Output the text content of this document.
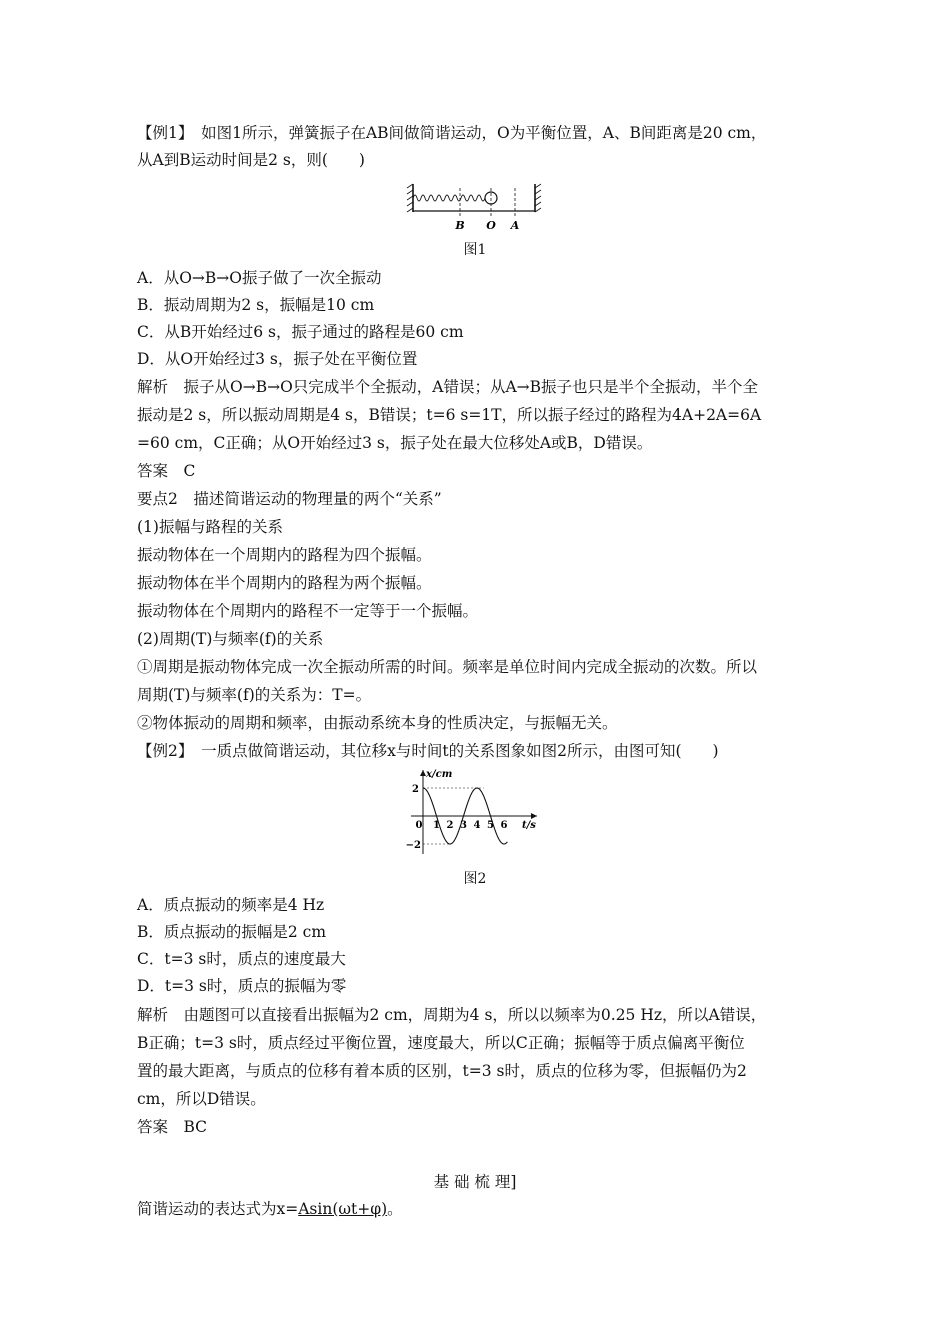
【例1】　如图1所示，弹簧振子在AB间做简谐运动，O为平衡位置，A、B间距离是20 cm，
从A到B运动时间是2 s，则(　　)
B O A
图1
A．从O→B→O振子做了一次全振动
B．振动周期为2 s，振幅是10 cm
C．从B开始经过6 s，振子通过的路程是60 cm
D．从O开始经过3 s，振子处在平衡位置
解析　振子从O→B→O只完成半个全振动，A错误；从A→B振子也只是半个全振动，半个全
振动是2 s，所以振动周期是4 s，B错误；t=6 s=1T，所以振子经过的路程为4A+2A=6A
=60 cm，C正确；从O开始经过3 s，振子处在最大位移处A或B，D错误。
答案　C
要点2　描述简谐运动的物理量的两个“关系”
(1)振幅与路程的关系
振动物体在一个周期内的路程为四个振幅。
振动物体在半个周期内的路程为两个振幅。
振动物体在个周期内的路程不一定等于一个振幅。
(2)周期(T)与频率(f)的关系
①周期是振动物体完成一次全振动所需的时间。频率是单位时间内完成全振动的次数。所以
周期(T)与频率(f)的关系为：T=。
②物体振动的周期和频率，由振动系统本身的性质决定，与振幅无关。
【例2】　一质点做简谐运动，其位移x与时间t的关系图象如图2所示，由图可知(　　)
x/cm
t/s
0 1 2 3 4 5 6
2
−2
图2
A．质点振动的频率是4 Hz
B．质点振动的振幅是2 cm
C．t=3 s时，质点的速度最大
D．t=3 s时，质点的振幅为零
解析　由题图可以直接看出振幅为2 cm，周期为4 s，所以以频率为0.25 Hz，所以A错误，
B正确；t=3 s时，质点经过平衡位置，速度最大，所以C正确；振幅等于质点偏离平衡位
置的最大距离，与质点的位移有着本质的区别，t=3 s时，质点的位移为零，但振幅仍为2
cm，所以D错误。
答案　BC
基 础 梳 理]
简谐运动的表达式为x=Asin(ωt+φ)。
